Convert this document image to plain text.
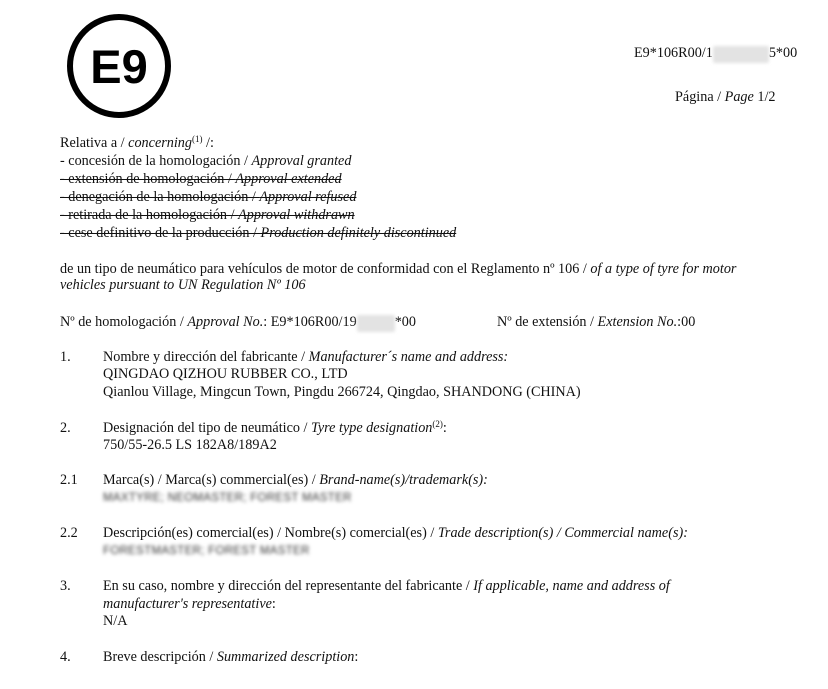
E9	E9*106R00/1	5*00
Página / Page 1/2
Relativa a / concerning$^{(1)}$ /:
- concesión de la homologación / Approval granted
- extensión de homologación / Approval extended
- denegación de la homologación / Approval refused
- retirada de la homologación / Approval withdrawn
- cese definitivo de la producción / Production definitely discontinued
de un tipo de neumático para vehículos de motor de conformidad con el Reglamento nº 106 / of a type of tyre for motor
vehicles pursuant to UN Regulation Nº 106
Nº de homologación / Approval No.: E9*106R00/19	*00	Nº de extensión / Extension No.:00
1. Nombre y dirección del fabricante / Manufacturer´s name and address:
QINGDAO QIZHOU RUBBER CO., LTD
Qianlou Village, Mingcun Town, Pingdu 266724, Qingdao, SHANDONG (CHINA)
2. Designación del tipo de neumático / Tyre type designation$^{(2)}$:
750/55-26.5 LS 182A8/189A2
2.1 Marca(s) / Marca(s) commercial(es) / Brand-name(s)/trademark(s):
MAXTYRE; NEOMASTER; FOREST MASTER
2.2 Descripción(es) comercial(es) / Nombre(s) comercial(es) / Trade description(s) / Commercial name(s):
FORESTMASTER; FOREST MASTER
3. En su caso, nombre y dirección del representante del fabricante / If applicable, name and address of
manufacturer's representative:
N/A
4. Breve descripción / Summarized description:
